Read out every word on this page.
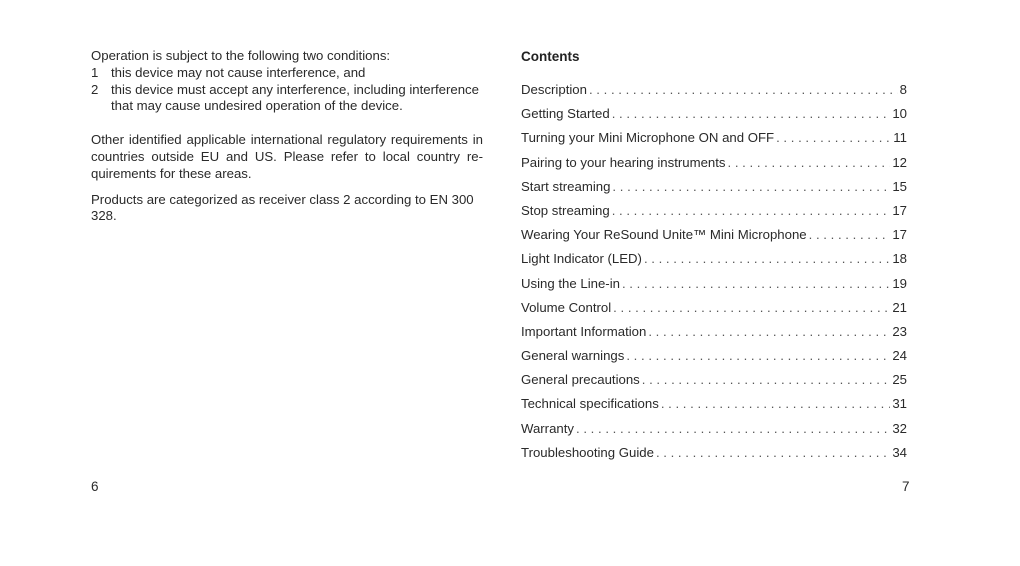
Operation is subject to the following two conditions:

1 this device may not cause interference, and
2 this device must accept any interference, including interference that may cause undesired operation of the device.

Other identified applicable international regulatory requirements in countries outside EU and US. Please refer to local country re-quirements for these areas.

Products are categorized as receiver class 2 according to EN 300 328.

Contents
Description . . .	8
Getting Started . . .	10
Turning your Mini Microphone ON and OFF . . .	11
Pairing to your hearing instruments . . .	12
Start streaming . . .	15
Stop streaming . . .	17
Wearing Your ReSound Unite™ Mini Microphone . . .	17
Light Indicator (LED) . . .	18
Using the Line-in . . .	19
Volume Control . . .	21
Important Information . . .	23
General warnings . . .	24
General precautions . . .	25
Technical specifications . . .	31
Warranty . . .	32
Troubleshooting Guide . . .	34
6	7
